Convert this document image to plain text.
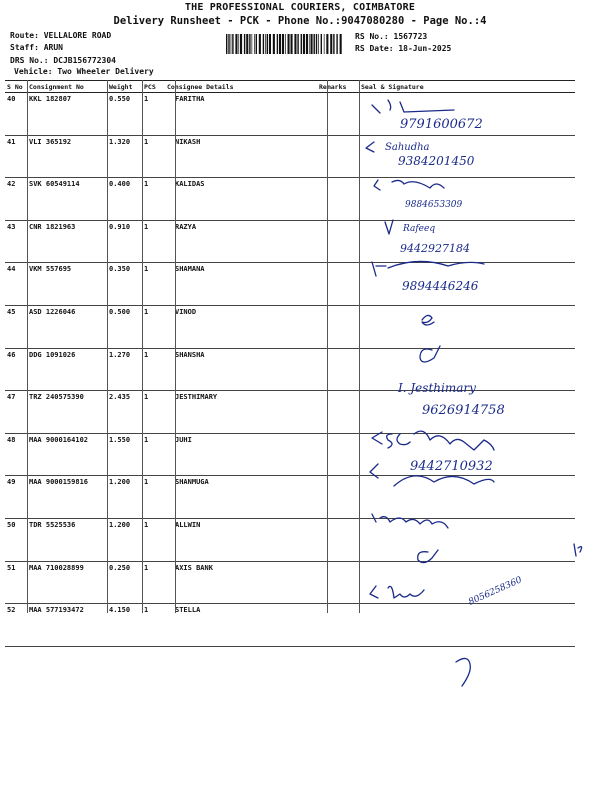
THE PROFESSIONAL COURIERS, COIMBATORE
Delivery Runsheet - PCK - Phone No.:9047080280 - Page No.:4
Route: VELLALORE ROAD
Staff: ARUN
DRS No.: DCJB156772304
Vehicle: Two Wheeler Delivery
RS No.: 1567723
RS Date: 18-Jun-2025
S No	Consignment No	Weight	PCS	Consignee Details	Remarks	Seal & Signature
40	KKL 182807	0.550	1	FARITHA		
41	VLI 365192	1.320	1	NIKASH		
42	SVK 60549114	0.400	1	KALIDAS		
43	CNR 1821963	0.910	1	RAZYA		
44	VKM 557695	0.350	1	SHAMANA		
45	ASD 1226046	0.500	1	VINOD		
46	DDG 1091026	1.270	1	SHANSHA		
47	TRZ 240575390	2.435	1	JESTHIMARY		
48	MAA 9000164102	1.550	1	JUHI		
49	MAA 9000159816	1.200	1	SHANMUGA		
50	TDR 5525536	1.200	1	ALLWIN		
51	MAA 710028899	0.250	1	AXIS BANK		
52	MAA 577193472	4.150	1	STELLA		
9791600672
Sahudha
9384201450
9884653309
Rafeeq
9442927184
9894446246
I. Jesthimary
9626914758
9442710932
8056258360
